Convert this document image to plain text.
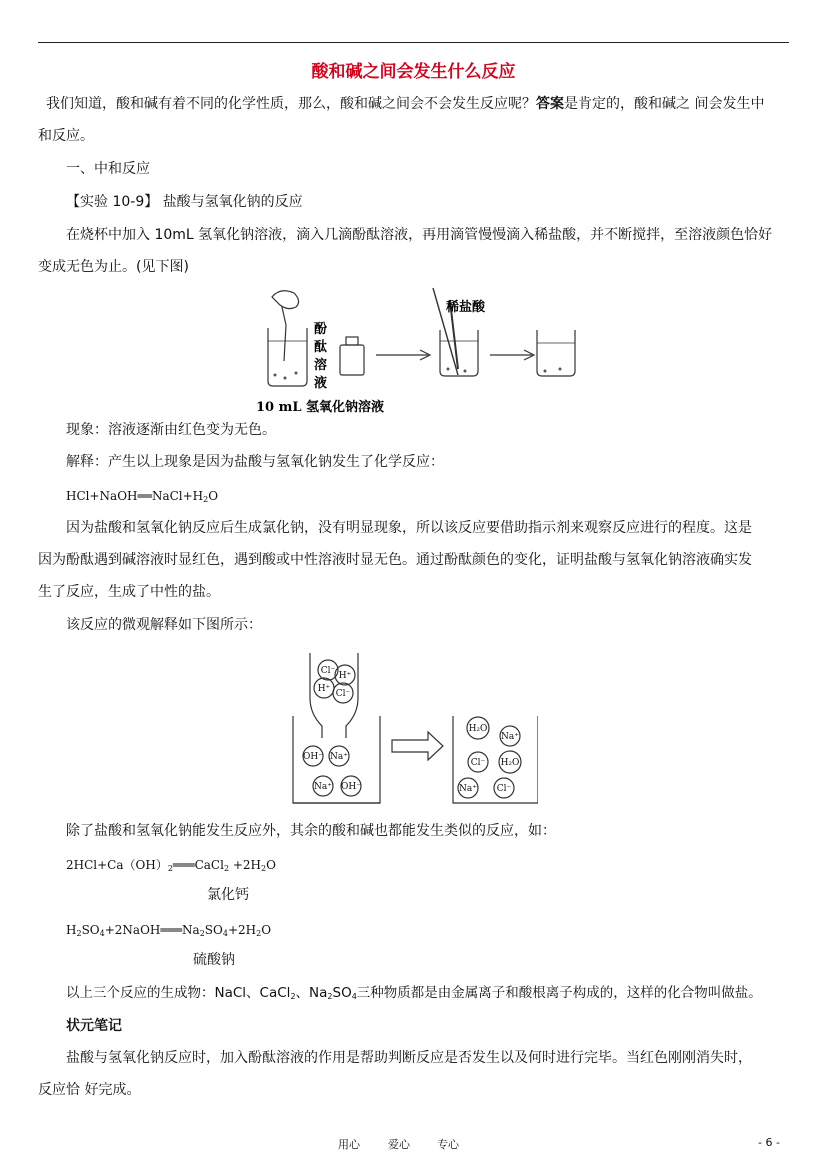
酸和碱之间会发生什么反应
我们知道，酸和碱有着不同的化学性质，那么，酸和碱之间会不会发生反应呢？答案是肯定的，酸和碱之 间会发生中
和反应。
一、中和反应
【实验 10-9】 盐酸与氢氧化钠的反应
在烧杯中加入 10mL 氢氧化钠溶液，滴入几滴酚酞溶液，再用滴管慢慢滴入稀盐酸，并不断搅拌，至溶液颜色恰好
变成无色为止。(见下图)
酚
酞
溶
液
稀盐酸
10 mL 氢氧化钠溶液
现象：溶液逐渐由红色变为无色。
解释：产生以上现象是因为盐酸与氢氧化钠发生了化学反应：
$HCl+NaOH══NaCl+H_2O$
因为盐酸和氢氧化钠反应后生成氯化钠，没有明显现象，所以该反应要借助指示剂来观察反应进行的程度。这是
因为酚酞遇到碱溶液时显红色，遇到酸或中性溶液时显无色。通过酚酞颜色的变化，证明盐酸与氢氧化钠溶液确实发
生了反应，生成了中性的盐。
该反应的微观解释如下图所示：
Cl⁻ H⁺
H⁺ Cl⁻
OH⁻ Na⁺
Na⁺ OH⁻
H₂O
Na⁺
Cl⁻ H₂O
Na⁺ Cl⁻
除了盐酸和氢氧化钠能发生反应外，其余的酸和碱也都能发生类似的反应，如：
$2HCl+Ca(OH)_2═══CaCl_2 +2H_2O$
氯化钙
$H_2SO_4+2NaOH═══Na_2SO_4+2H_2O$
硫酸钠
以上三个反应的生成物：NaCl、CaCl$_2$、$Na_2SO_4$三种物质都是由金属离子和酸根离子构成的，这样的化合物叫做盐。
状元笔记
盐酸与氢氧化钠反应时，加入酚酞溶液的作用是帮助判断反应是否发生以及何时进行完毕。当红色刚刚消失时，
反应恰 好完成。
用心	爱心 专心	- 6 -
